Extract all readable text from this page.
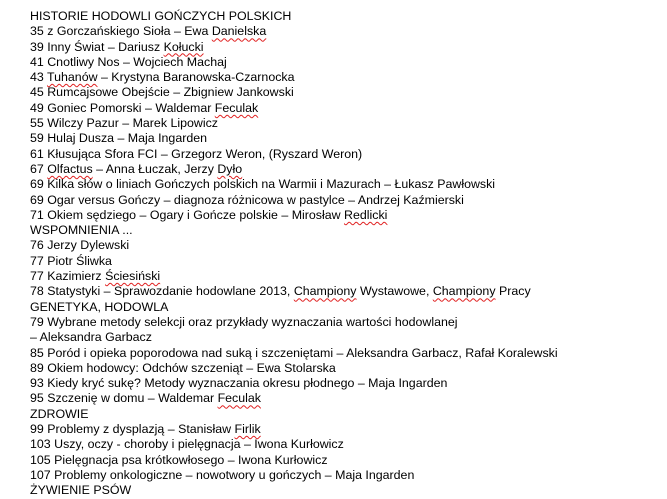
HISTORIE HODOWLI GOŃCZYCH POLSKICH
35 z Gorczańskiego Sioła – Ewa Danielska
39 Inny Świat – Dariusz Kołucki
41 Cnotliwy Nos – Wojciech Machaj
43 Tuhanów – Krystyna Baranowska-Czarnocka
45 Rumcajsowe Obejście – Zbigniew Jankowski
49 Goniec Pomorski – Waldemar Feculak
55 Wilczy Pazur – Marek Lipowicz
59 Hulaj Dusza – Maja Ingarden
61 Kłusująca Sfora FCI – Grzegorz Weron, (Ryszard Weron)
67 Olfactus – Anna Łuczak, Jerzy Dyło
69 Kilka słów o liniach Gończych polskich na Warmii i Mazurach – Łukasz Pawłowski
69 Ogar versus Gończy – diagnoza różnicowa w pastylce – Andrzej Kaźmierski
71 Okiem sędziego – Ogary i Gończe polskie – Mirosław Redlicki
WSPOMNIENIA ...
76 Jerzy Dylewski
77 Piotr Śliwka
77 Kazimierz Ściesiński
78 Statystyki – Sprawozdanie hodowlane 2013, Championy Wystawowe, Championy Pracy
GENETYKA, HODOWLA
79 Wybrane metody selekcji oraz przykłady wyznaczania wartości hodowlanej
– Aleksandra Garbacz
85 Poród i opieka poporodowa nad suką i szczeniętami – Aleksandra Garbacz, Rafał Koralewski
89 Okiem hodowcy: Odchów szczeniąt – Ewa Stolarska
93 Kiedy kryć sukę? Metody wyznaczania okresu płodnego – Maja Ingarden
95 Szczenię w domu – Waldemar Feculak
ZDROWIE
99 Problemy z dysplazją – Stanisław Firlik
103 Uszy, oczy - choroby i pielęgnacja – Iwona Kurłowicz
105 Pielęgnacja psa krótkowłosego – Iwona Kurłowicz
107 Problemy onkologiczne – nowotwory u gończych – Maja Ingarden
ŻYWIENIE PSÓW
